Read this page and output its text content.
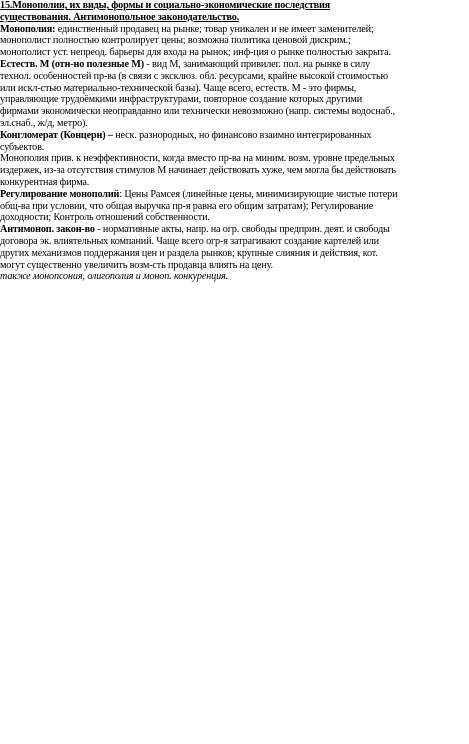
15.Монополии, их виды, формы и социально-экономические последствия
существования. Антимонопольное законодательство.
Монополия: единственный продавец на рынке; товар уникален и не имеет заменителей;
монополист полностью контролирует цены; возможна политика ценовой дискрим.;
монополист уст. непреод. барьеры для входа на рынок; инф-ция о рынке полностью закрыта.
Естеств. М (отн-но полезные М) - вид М, занимающий привилег. пол. на рынке в силу
технол. особенностей пр-ва (в связи с эксклюз. обл. ресурсами, крайне высокой стоимостью
или искл-стью материально-технической базы). Чаще всего, естеств. М - это фирмы,
управляющие трудоёмкими инфраструктурами, повторное создание которых другими
фирмами экономически неоправданно или технически невозможно (напр. системы водоснаб.,
эл.снаб., ж/д, метро).
Конгломерат (Концерн) – неск. разнородных, но финансово взаимно интегрированных
субъектов.
Монополия прив. к неэффективности, когда вместо пр-ва на миним. возм. уровне предельных
издержек, из-за отсутствия стимулов М начинает действовать хуже, чем могла бы действовать
конкурентная фирма.
Регулирование монополий: Цены Рамсея (линейные цены, минимизирующие чистые потери
общ-ва при условии, что общая выручка пр-я равна его общим затратам); Регулирование
доходности; Контроль отношений собственности.
Антимоноп. закон-во - нормативные акты, напр. на огр. свободы предприн. деят. и свободы
договора эк. влиятельных компаний. Чаще всего огр-я затрагивают создание картелей или
других механизмов поддержания цен и раздела рынков; крупные слияния и действия, кот.
могут существенно увеличить возм-сть продавца влиять на цену.
также монопсония, олигополия и моноп. конкуренция.
